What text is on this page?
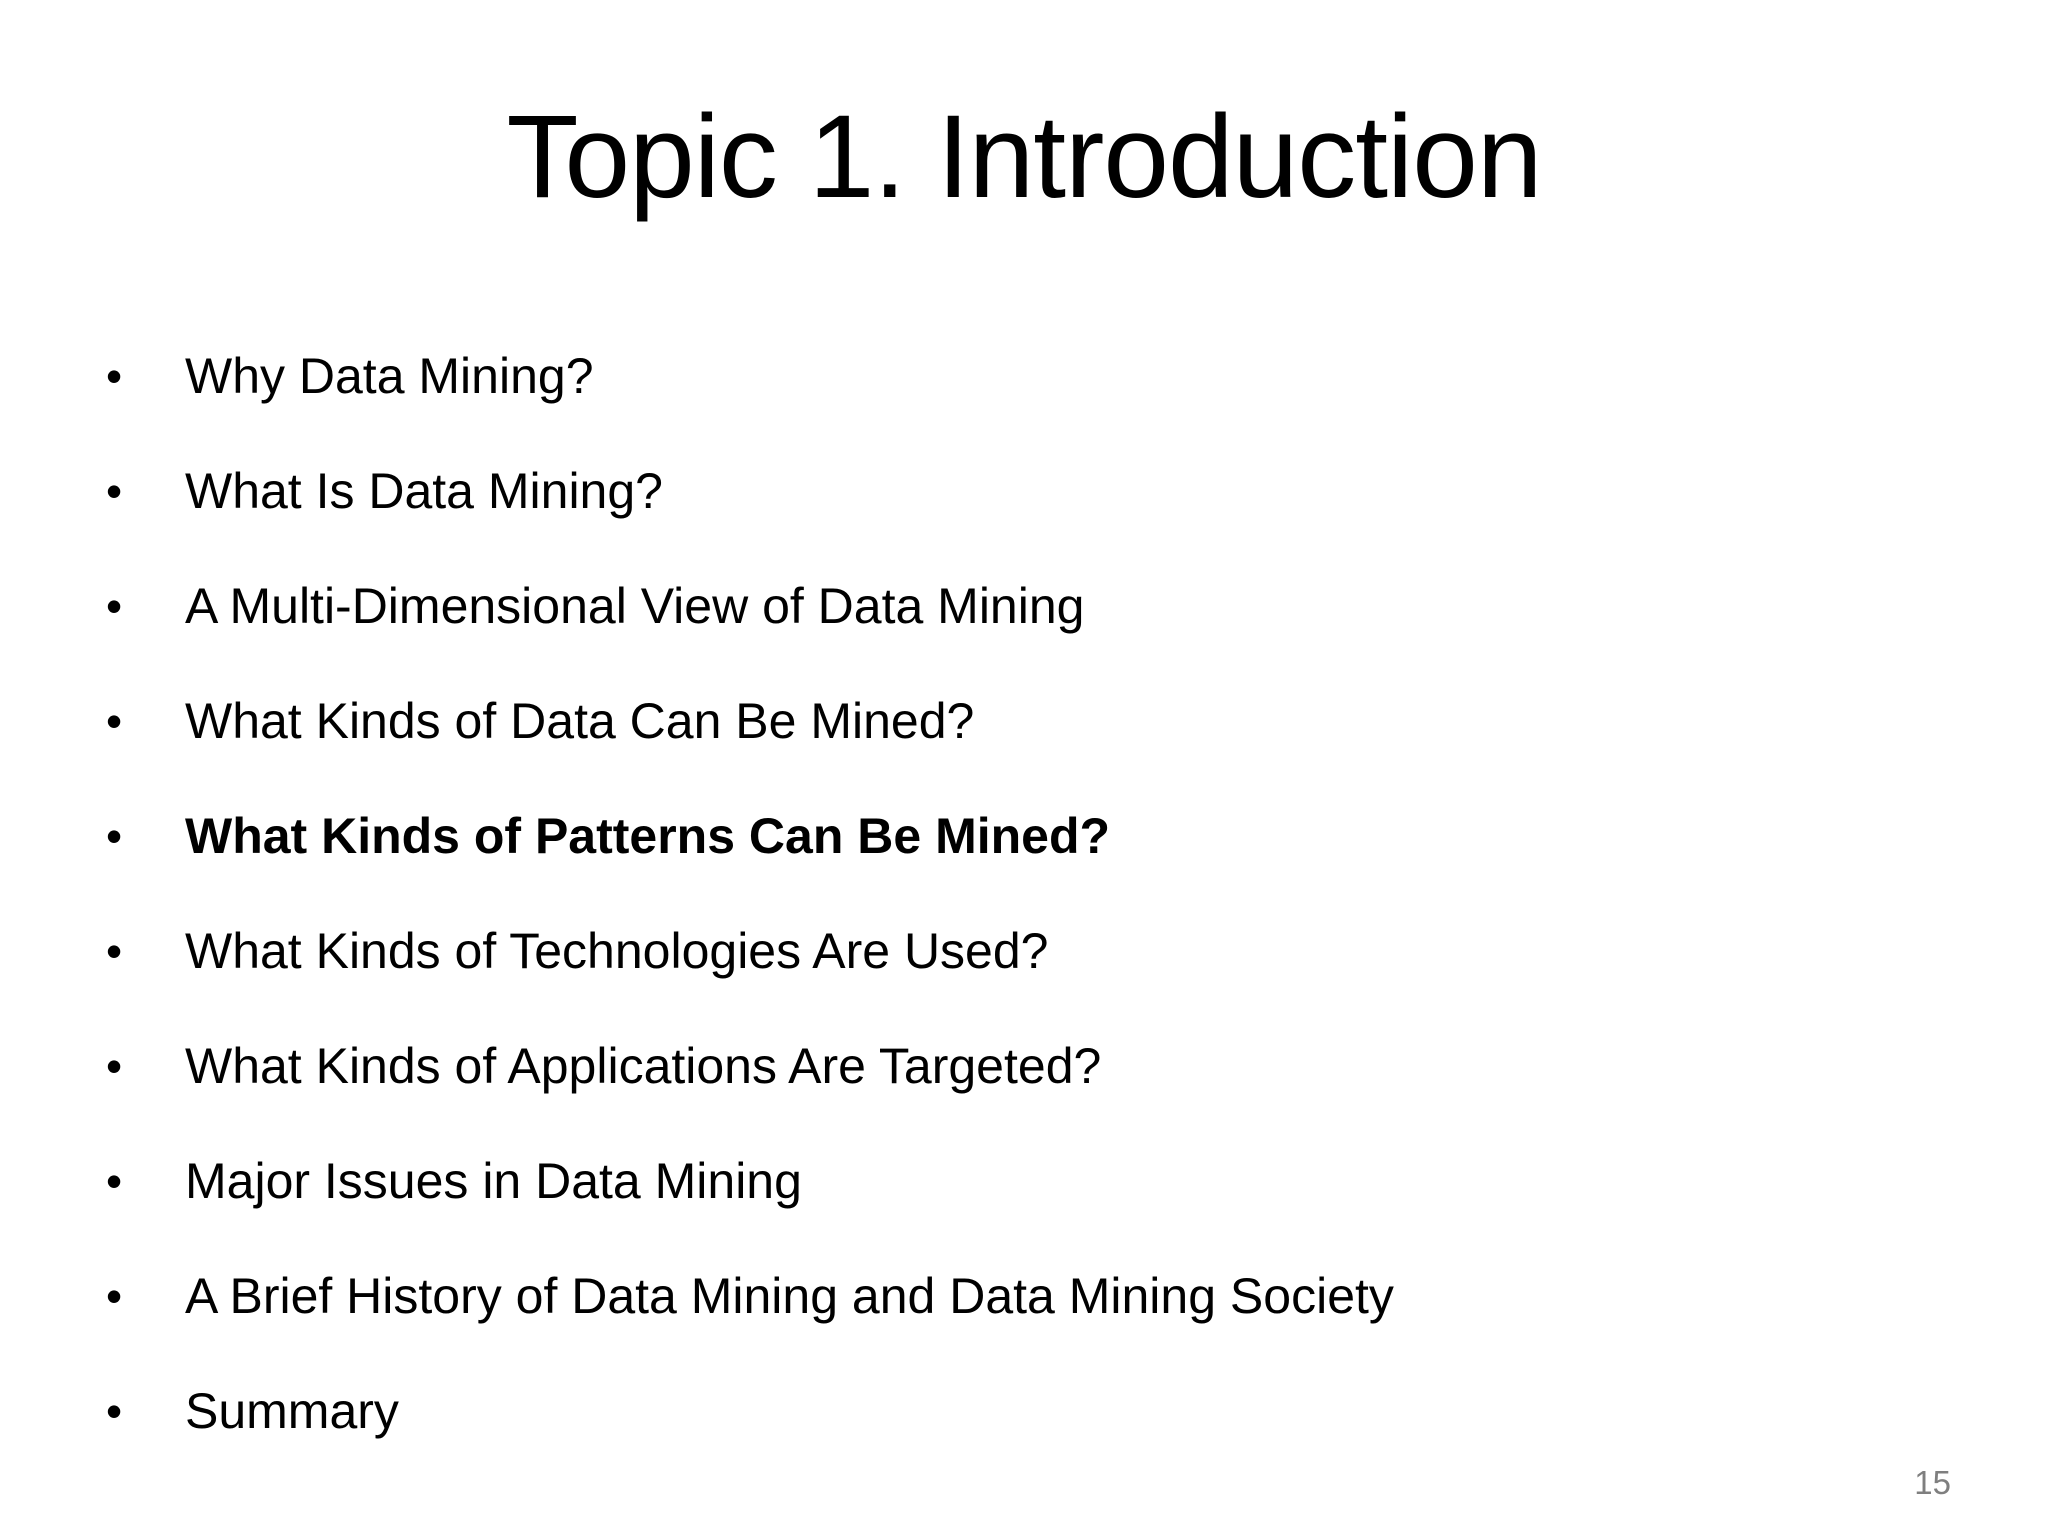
Topic 1. Introduction
• Why Data Mining?
• What Is Data Mining?
• A Multi-Dimensional View of Data Mining
• What Kinds of Data Can Be Mined?
• What Kinds of Patterns Can Be Mined?
• What Kinds of Technologies Are Used?
• What Kinds of Applications Are Targeted?
• Major Issues in Data Mining
• A Brief History of Data Mining and Data Mining Society
• Summary
15
